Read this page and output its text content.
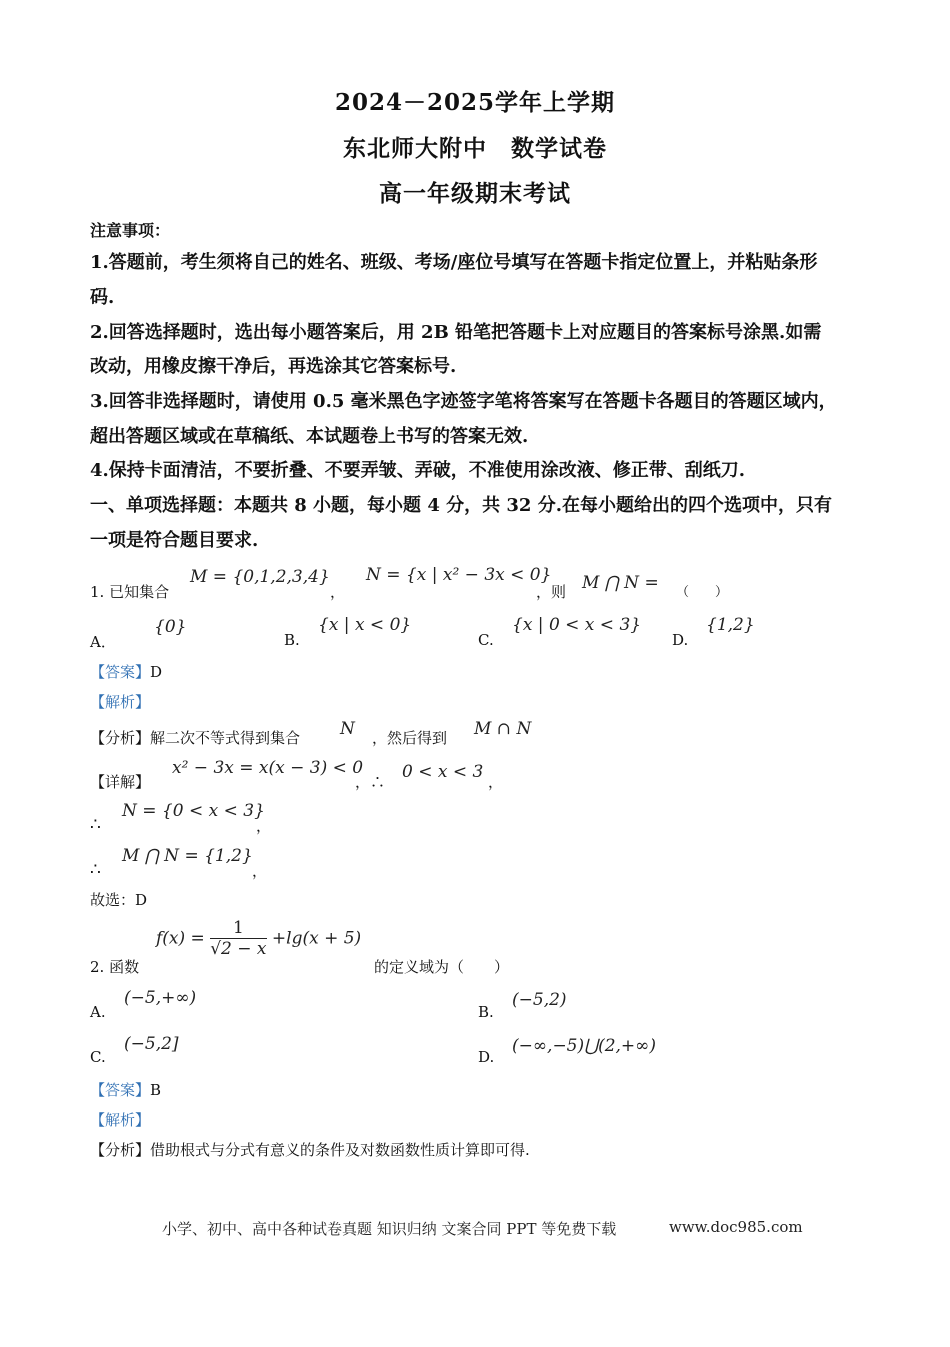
2024－2025学年上学期
东北师大附中　数学试卷
高一年级期末考试
注意事项：
1.答题前，考生须将自己的姓名、班级、考场/座位号填写在答题卡指定位置上，并粘贴条形
码.
2.回答选择题时，选出每小题答案后，用 2B 铅笔把答题卡上对应题目的答案标号涂黑.如需
改动，用橡皮擦干净后，再选涂其它答案标号.
3.回答非选择题时，请使用 0.5 毫米黑色字迹签字笔将答案写在答题卡各题目的答题区域内，
超出答题区域或在草稿纸、本试题卷上书写的答案无效.
4.保持卡面清洁，不要折叠、不要弄皱、弄破，不准使用涂改液、修正带、刮纸刀.
一、单项选择题：本题共 8 小题，每小题 4 分，共 32 分.在每小题给出的四个选项中，只有
一项是符合题目要求.
1. 已知集合
M = {0,1,2,3,4}
，
N = {x | x² − 3x < 0}
，则 M ⋂ N = （　　）
A．
{0}
B.
{x | x < 0}
C.
{x | 0 < x < 3}
D.
{1,2}
【答案】D
【解析】
【分析】解二次不等式得到集合 N ，然后得到 M ∩ N
【详解】
x² − 3x = x(x − 3) < 0
，∴ 0 < x < 3 ，
∴
N = {0 < x < 3}
，
∴
M ⋂ N = {1,2}
，
故选：D
2. 函数
$f(x) = \frac{1}{√2 - x} +\lg(x + 5)$
的定义域为（　　）
A.
(−5,+∞)
B.
(−5,2)
C.
(−5,2]
D.
(−∞,−5)⋃(2,+∞)
【答案】B
【解析】
【分析】借助根式与分式有意义的条件及对数函数性质计算即可得.
小学、初中、高中各种试卷真题 知识归纳 文案合同 PPT 等免费下载	www.doc985.com
